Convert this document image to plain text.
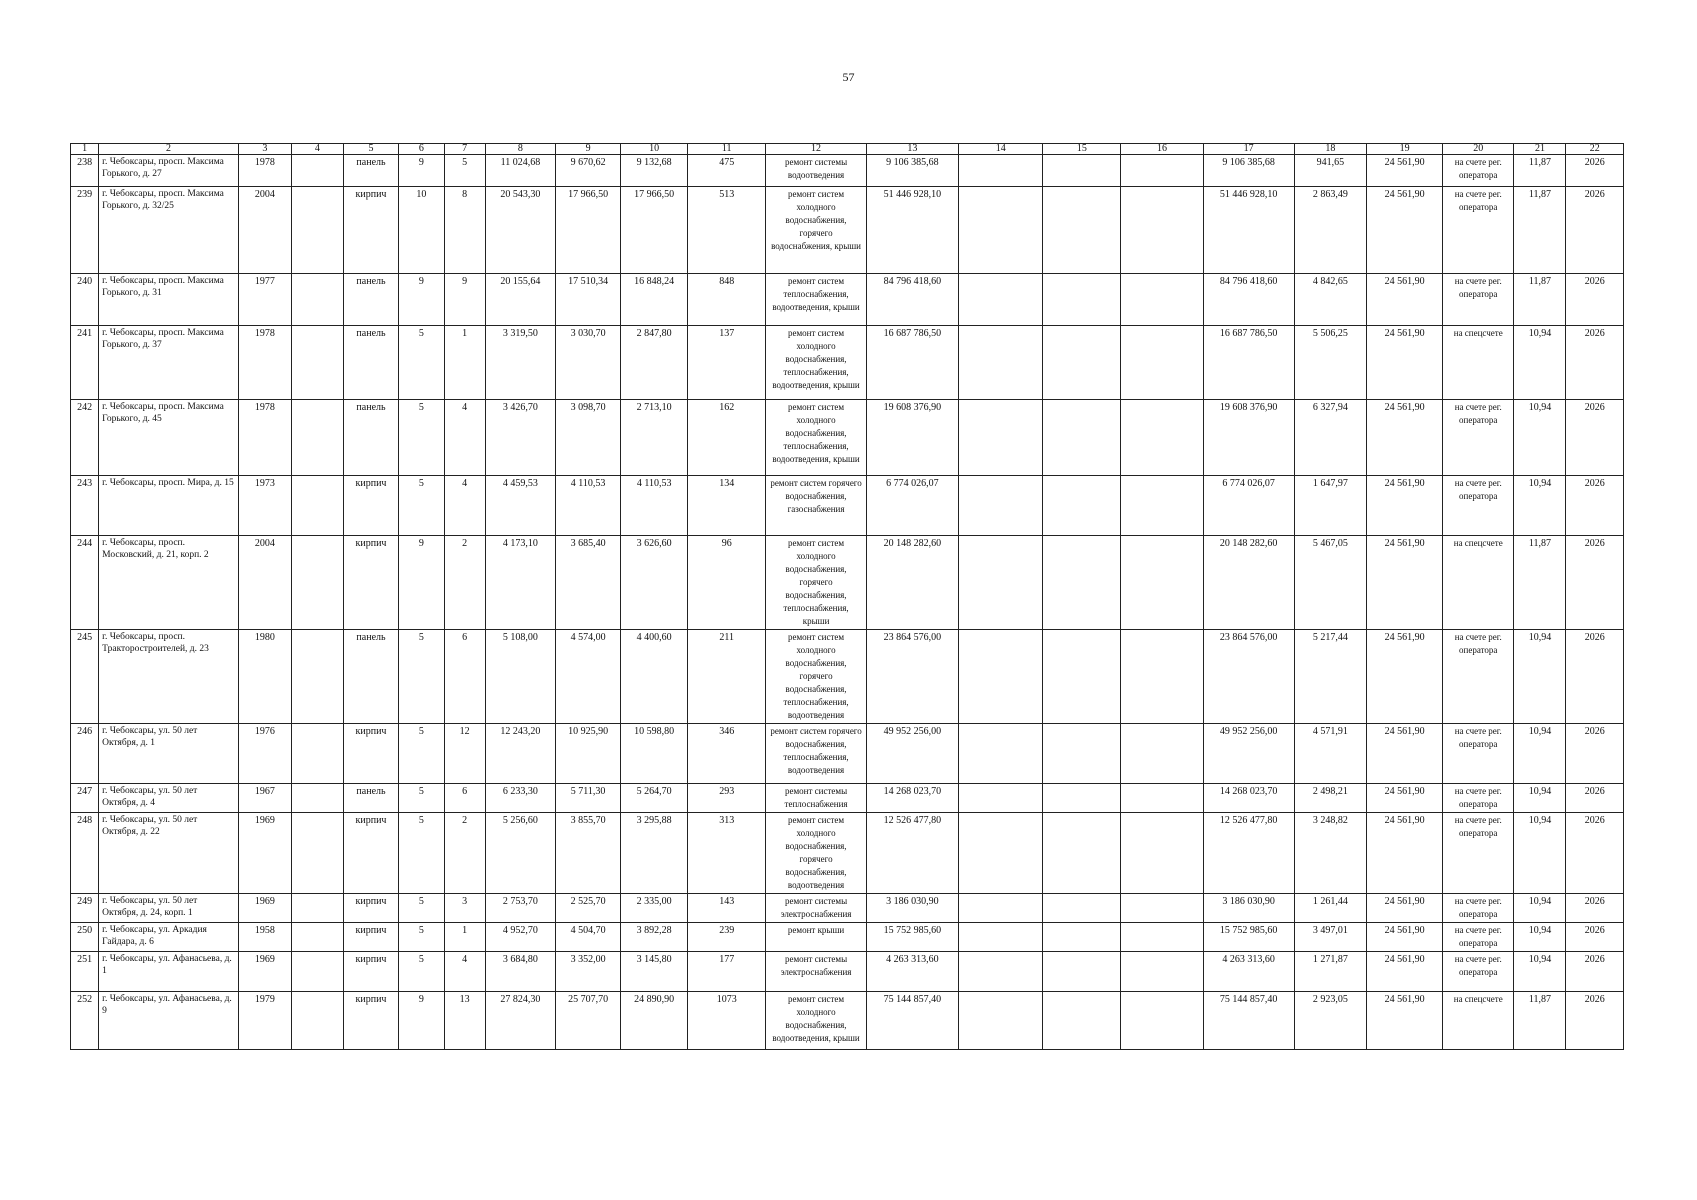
57
1	2	3	4	5	6	7	8	9	10	11	12	13	14	15	16	17	18	19	20	21	22
238	г. Чебоксары, просп. Максима Горького, д. 27	1978		панель	9	5	11 024,68	9 670,62	9 132,68	475	ремонт системы водоотведения	9 106 385,68				9 106 385,68	941,65	24 561,90	на счете рег. оператора	11,87	2026
239	г. Чебоксары, просп. Максима Горького, д. 32/25	2004		кирпич	10	8	20 543,30	17 966,50	17 966,50	513	ремонт систем холодного водоснабжения, горячего водоснабжения, крыши	51 446 928,10				51 446 928,10	2 863,49	24 561,90	на счете рег. оператора	11,87	2026
240	г. Чебоксары, просп. Максима Горького, д. 31	1977		панель	9	9	20 155,64	17 510,34	16 848,24	848	ремонт систем теплоснабжения, водоотведения, крыши	84 796 418,60				84 796 418,60	4 842,65	24 561,90	на счете рег. оператора	11,87	2026
241	г. Чебоксары, просп. Максима Горького, д. 37	1978		панель	5	1	3 319,50	3 030,70	2 847,80	137	ремонт систем холодного водоснабжения, теплоснабжения, водоотведения, крыши	16 687 786,50				16 687 786,50	5 506,25	24 561,90	на спецсчете	10,94	2026
242	г. Чебоксары, просп. Максима Горького, д. 45	1978		панель	5	4	3 426,70	3 098,70	2 713,10	162	ремонт систем холодного водоснабжения, теплоснабжения, водоотведения, крыши	19 608 376,90				19 608 376,90	6 327,94	24 561,90	на счете рег. оператора	10,94	2026
243	г. Чебоксары, просп. Мира, д. 15	1973		кирпич	5	4	4 459,53	4 110,53	4 110,53	134	ремонт систем горячего водоснабжения, газоснабжения	6 774 026,07				6 774 026,07	1 647,97	24 561,90	на счете рег. оператора	10,94	2026
244	г. Чебоксары, просп. Московский, д. 21, корп. 2	2004		кирпич	9	2	4 173,10	3 685,40	3 626,60	96	ремонт систем холодного водоснабжения, горячего водоснабжения, теплоснабжения, крыши	20 148 282,60				20 148 282,60	5 467,05	24 561,90	на спецсчете	11,87	2026
245	г. Чебоксары, просп. Тракторостроителей, д. 23	1980		панель	5	6	5 108,00	4 574,00	4 400,60	211	ремонт систем холодного водоснабжения, горячего водоснабжения, теплоснабжения, водоотведения	23 864 576,00				23 864 576,00	5 217,44	24 561,90	на счете рег. оператора	10,94	2026
246	г. Чебоксары, ул. 50 лет Октября, д. 1	1976		кирпич	5	12	12 243,20	10 925,90	10 598,80	346	ремонт систем горячего водоснабжения, теплоснабжения, водоотведения	49 952 256,00				49 952 256,00	4 571,91	24 561,90	на счете рег. оператора	10,94	2026
247	г. Чебоксары, ул. 50 лет Октября, д. 4	1967		панель	5	6	6 233,30	5 711,30	5 264,70	293	ремонт системы теплоснабжения	14 268 023,70				14 268 023,70	2 498,21	24 561,90	на счете рег. оператора	10,94	2026
248	г. Чебоксары, ул. 50 лет Октября, д. 22	1969		кирпич	5	2	5 256,60	3 855,70	3 295,88	313	ремонт систем холодного водоснабжения, горячего водоснабжения, водоотведения	12 526 477,80				12 526 477,80	3 248,82	24 561,90	на счете рег. оператора	10,94	2026
249	г. Чебоксары, ул. 50 лет Октября, д. 24, корп. 1	1969		кирпич	5	3	2 753,70	2 525,70	2 335,00	143	ремонт системы электроснабжения	3 186 030,90				3 186 030,90	1 261,44	24 561,90	на счете рег. оператора	10,94	2026
250	г. Чебоксары, ул. Аркадия Гайдара, д. 6	1958		кирпич	5	1	4 952,70	4 504,70	3 892,28	239	ремонт крыши	15 752 985,60				15 752 985,60	3 497,01	24 561,90	на счете рег. оператора	10,94	2026
251	г. Чебоксары, ул. Афанасьева, д. 1	1969		кирпич	5	4	3 684,80	3 352,00	3 145,80	177	ремонт системы электроснабжения	4 263 313,60				4 263 313,60	1 271,87	24 561,90	на счете рег. оператора	10,94	2026
252	г. Чебоксары, ул. Афанасьева, д. 9	1979		кирпич	9	13	27 824,30	25 707,70	24 890,90	1073	ремонт систем холодного водоснабжения, водоотведения, крыши	75 144 857,40				75 144 857,40	2 923,05	24 561,90	на спецсчете	11,87	2026
